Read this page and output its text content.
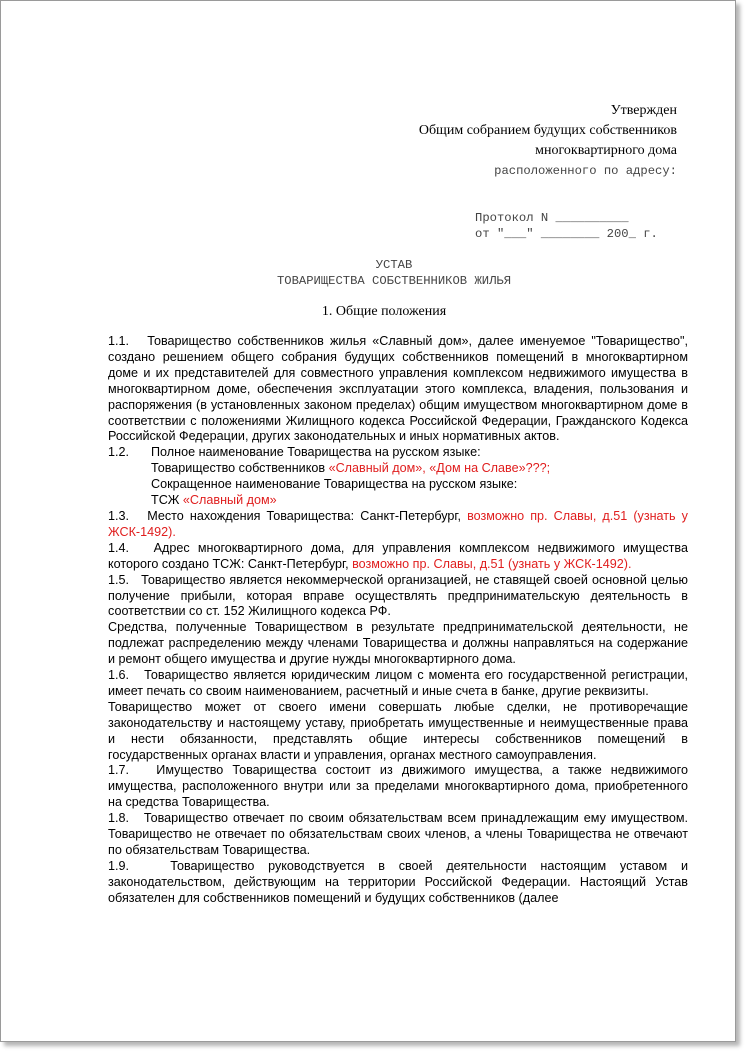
Утвержден
Общим собранием будущих собственников
многоквартирного дома
расположенного по адресу:
Протокол N __________
от "___" ________ 200_ г.
УСТАВ
ТОВАРИЩЕСТВА СОБСТВЕННИКОВ ЖИЛЬЯ
1. Общие положения

1.1.   Товарищество собственников жилья «Славный дом», далее именуемое "Товарищество", создано решением общего собрания будущих собственников помещений в многоквартирном доме и их представителей для совместного управления комплексом недвижимого имущества в многоквартирном доме, обеспечения эксплуатации этого комплекса, владения, пользования и распоряжения (в установленных законом пределах) общим имуществом многоквартирном доме в соответствии с положениями Жилищного кодекса Российской Федерации, Гражданского Кодекса Российской Федерации, других законодательных и иных нормативных актов.

1.2.	Полное наименование Товарищества на русском языке:
Товарищество собственников «Славный дом», «Дом на Славе»???;
Сокращенное наименование Товарищества на русском языке:
ТСЖ «Славный дом»

1.3.   Место нахождения Товарищества: Санкт-Петербург, возможно пр. Славы, д.51 (узнать у ЖСК-1492).

1.4.   Адрес многоквартирного дома, для управления комплексом недвижимого имущества которого создано ТСЖ: Санкт-Петербург, возможно пр. Славы, д.51 (узнать у ЖСК-1492).

1.5.   Товарищество является некоммерческой организацией, не ставящей своей основной целью получение прибыли, которая вправе осуществлять предпринимательскую деятельность в соответствии со ст. 152 Жилищного кодекса РФ.

Средства, полученные Товариществом в результате предпринимательской деятельности, не подлежат распределению между членами Товарищества и должны направляться на содержание и ремонт общего имущества и другие нужды многоквартирного дома.

1.6.   Товарищество является юридическим лицом с момента его государственной регистрации, имеет печать со своим наименованием, расчетный и иные счета в банке, другие реквизиты.

Товарищество может от своего имени совершать любые сделки, не противоречащие законодательству и настоящему уставу, приобретать имущественные и неимущественные права и нести обязанности, представлять общие интересы собственников помещений в государственных органах власти и управления, органах местного самоуправления.

1.7.   Имущество Товарищества состоит из движимого имущества, а также недвижимого имущества, расположенного внутри или за пределами многоквартирного дома, приобретенного на средства Товарищества.

1.8.   Товарищество отвечает по своим обязательствам всем принадлежащим ему имуществом. Товарищество не отвечает по обязательствам своих членов, а члены Товарищества не отвечают по обязательствам Товарищества.

1.9.   Товарищество руководствуется в своей деятельности настоящим уставом и законодательством, действующим на территории Российской Федерации. Настоящий Устав обязателен для собственников помещений и будущих собственников (далее
